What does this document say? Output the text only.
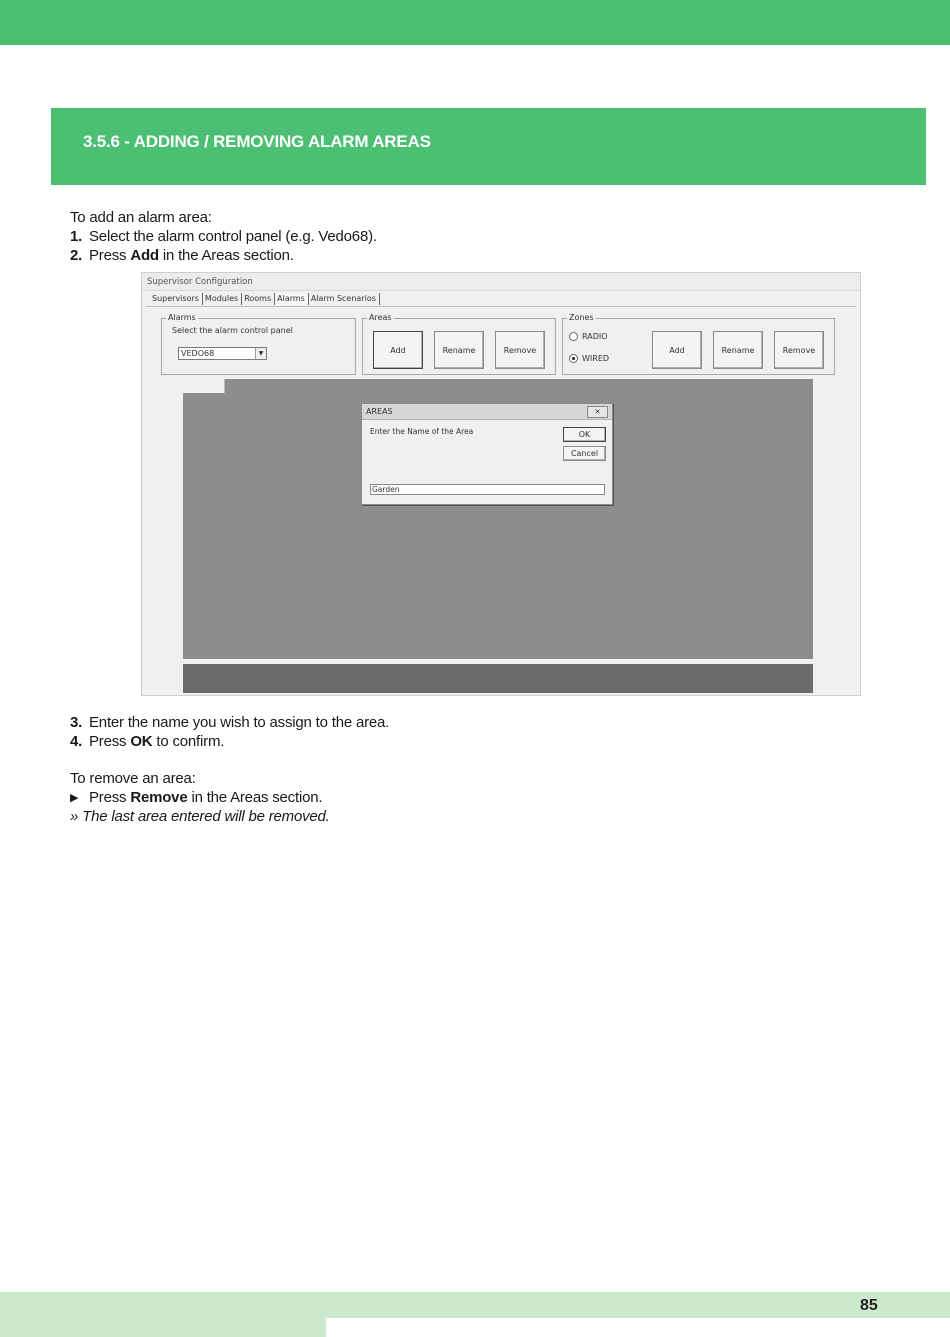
3.5.6 - ADDING / REMOVING ALARM AREAS
To add an alarm area:
1. Select the alarm control panel (e.g. Vedo68).
2. Press Add in the Areas section.
Supervisor Configuration
Supervisors Modules Rooms Alarms Alarm Scenarios
Alarms
Select the alarm control panel
VEDO68	▼
Areas
Add	Rename	Remove
Zones
RADIO
WIRED
Add	Rename	Remove
AREAS	✕
Enter the Name of the Area	OK
Cancel
Garden
3. Enter the name you wish to assign to the area.
4. Press OK to confirm.
To remove an area:
▶ Press Remove in the Areas section.
» The last area entered will be removed.
85
